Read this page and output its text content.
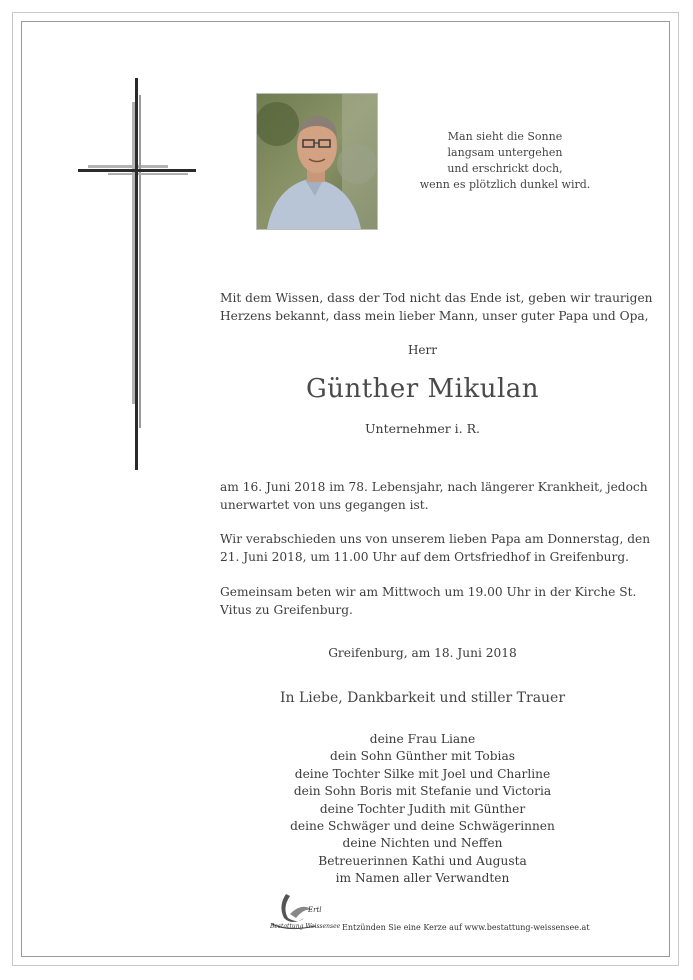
Man sieht die Sonne
langsam untergehen
und erschrickt doch,
wenn es plötzlich dunkel wird.
Mit dem Wissen, dass der Tod nicht das Ende ist, geben wir traurigen
Herzens bekannt, dass mein lieber Mann, unser guter Papa und Opa,
Herr
Günther Mikulan
Unternehmer i. R.
am 16. Juni 2018 im 78. Lebensjahr, nach längerer Krankheit, jedoch
unerwartet von uns gegangen ist.
Wir verabschieden uns von unserem lieben Papa am Donnerstag, den
21. Juni 2018, um 11.00 Uhr auf dem Ortsfriedhof in Greifenburg.
Gemeinsam beten wir am Mittwoch um 19.00 Uhr in der Kirche St.
Vitus zu Greifenburg.
Greifenburg, am 18. Juni 2018
In Liebe, Dankbarkeit und stiller Trauer
deine Frau Liane
dein Sohn Günther mit Tobias
deine Tochter Silke mit Joel und Charline
dein Sohn Boris mit Stefanie und Victoria
deine Tochter Judith mit Günther
deine Schwäger und deine Schwägerinnen
deine Nichten und Neffen
Betreuerinnen Kathi und Augusta
im Namen aller Verwandten
Ertl
Bestattung Weissensee Entzünden Sie eine Kerze auf www.bestattung-weissensee.at
